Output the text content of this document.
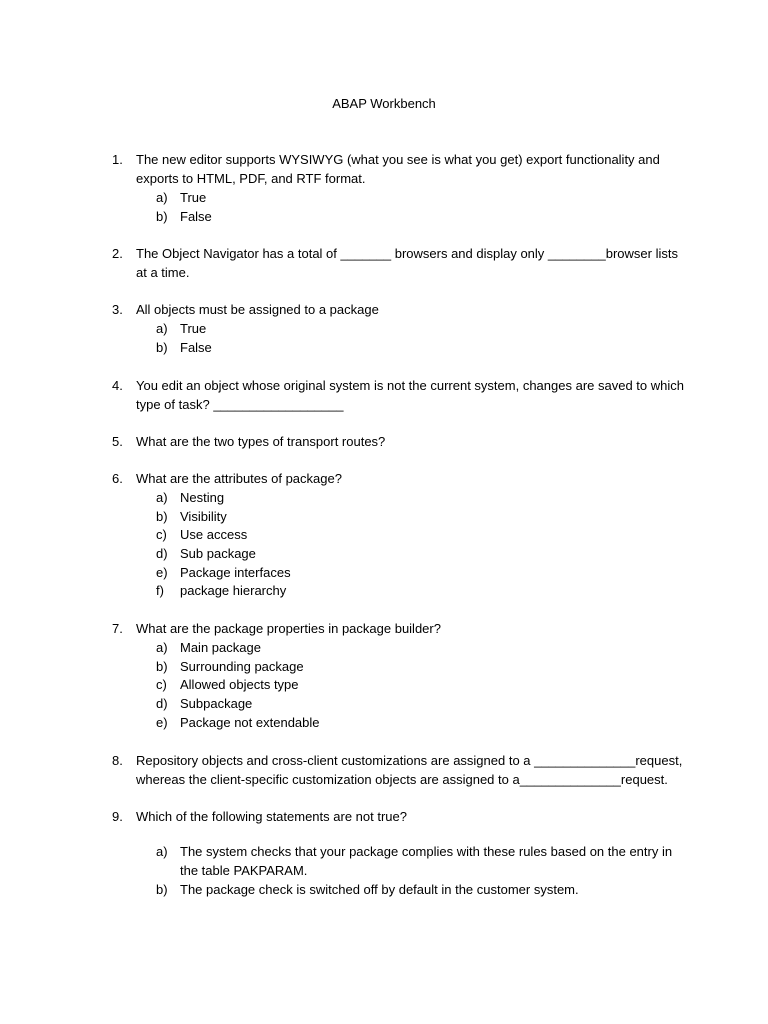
ABAP Workbench
1.	The new editor supports WYSIWYG (what you see is what you get) export functionality and exports to HTML, PDF, and RTF format.
a) True
b) False
2.	The Object Navigator has a total of _______ browsers and display only ________browser lists at a time.
3.	All objects must be assigned to a package
a) True
b) False
4.	You edit an object whose original system is not the current system, changes are saved to which type of task? __________________
5.	What are the two types of transport routes?
6.	What are the attributes of package?
a) Nesting
b) Visibility
c) Use access
d) Sub package
e) Package interfaces
f) package hierarchy
7.	What are the package properties in package builder?
a) Main package
b) Surrounding package
c) Allowed objects type
d) Subpackage
e) Package not extendable
8.	Repository objects and cross-client customizations are assigned to a ______________request, whereas the client-specific customization objects are assigned to a______________request.
9.	Which of the following statements are not true?
a) The system checks that your package complies with these rules based on the entry in the table PAKPARAM.
b) The package check is switched off by default in the customer system.
